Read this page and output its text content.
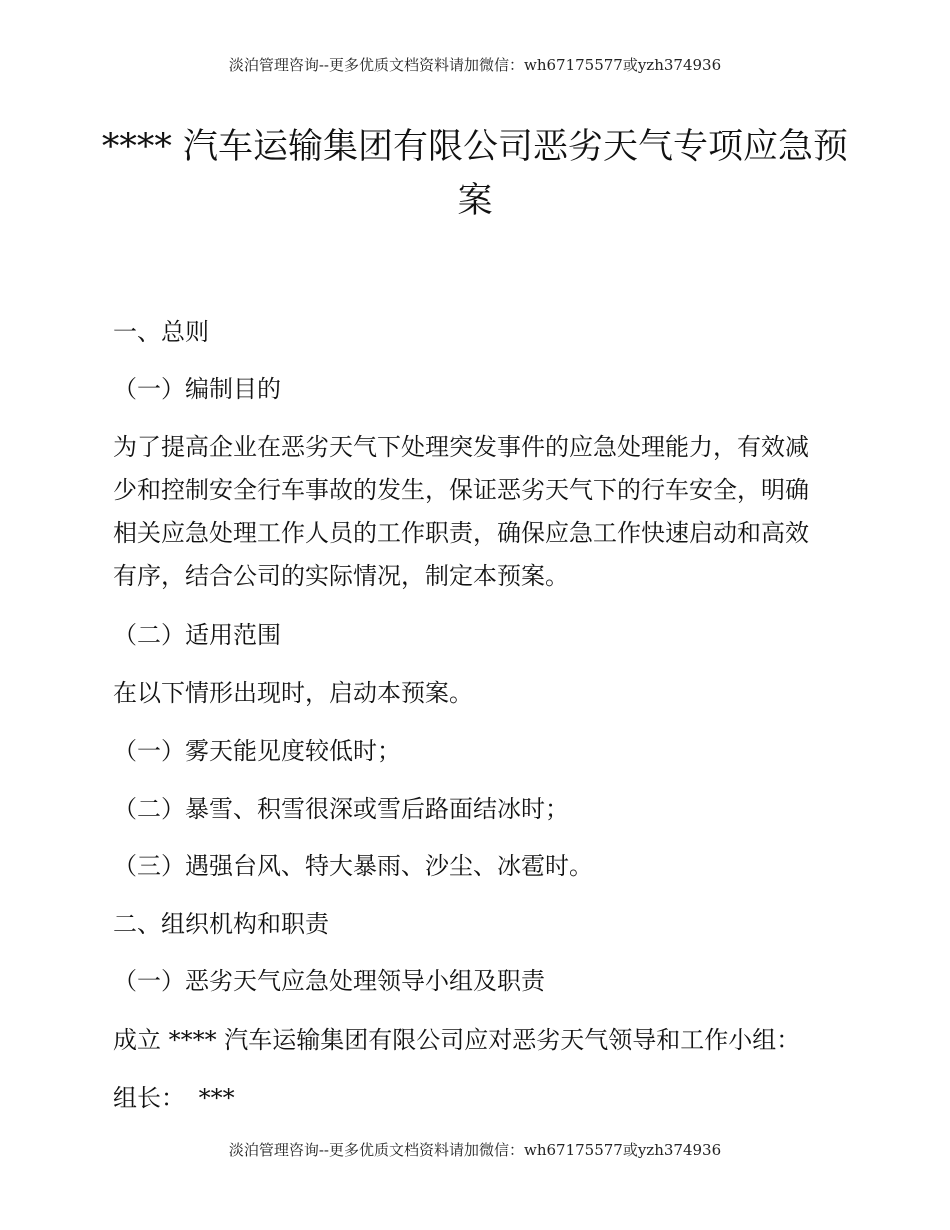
淡泊管理咨询--更多优质文档资料请加微信：wh67175577或yzh374936
**** 汽车运输集团有限公司恶劣天气专项应急预
案
一、总则
（一）编制目的
为了提高企业在恶劣天气下处理突发事件的应急处理能力，有效减
少和控制安全行车事故的发生，保证恶劣天气下的行车安全，明确
相关应急处理工作人员的工作职责，确保应急工作快速启动和高效
有序，结合公司的实际情况，制定本预案。
（二）适用范围
在以下情形出现时，启动本预案。
（一）雾天能见度较低时；
（二）暴雪、积雪很深或雪后路面结冰时；
（三）遇强台风、特大暴雨、沙尘、冰雹时。
二、组织机构和职责
（一）恶劣天气应急处理领导小组及职责
成立 **** 汽车运输集团有限公司应对恶劣天气领导和工作小组：
组长： ***
淡泊管理咨询--更多优质文档资料请加微信：wh67175577或yzh374936
